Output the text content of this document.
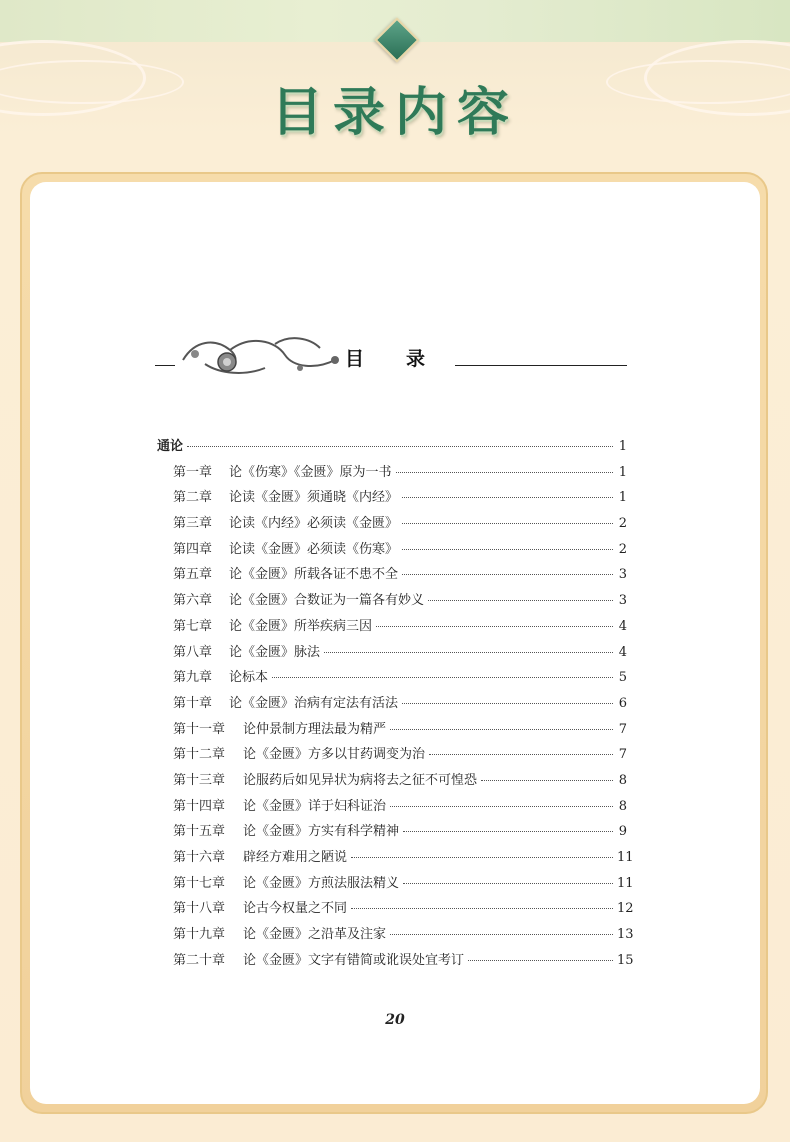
目录内容
目录
通论	1
第一章	论《伤寒》《金匮》原为一书	1
第二章	论读《金匮》须通晓《内经》	1
第三章	论读《内经》必须读《金匮》	2
第四章	论读《金匮》必须读《伤寒》	2
第五章	论《金匮》所载各证不患不全	3
第六章	论《金匮》合数证为一篇各有妙义	3
第七章	论《金匮》所举疾病三因	4
第八章	论《金匮》脉法	4
第九章	论标本	5
第十章	论《金匮》治病有定法有活法	6
第十一章	论仲景制方理法最为精严	7
第十二章	论《金匮》方多以甘药调变为治	7
第十三章	论服药后如见异状为病将去之征不可惶恐	8
第十四章	论《金匮》详于妇科证治	8
第十五章	论《金匮》方实有科学精神	9
第十六章	辟经方难用之陋说	11
第十七章	论《金匮》方煎法服法精义	11
第十八章	论古今权量之不同	12
第十九章	论《金匮》之沿革及注家	13
第二十章	论《金匮》文字有错简或讹误处宜考订	15
20
